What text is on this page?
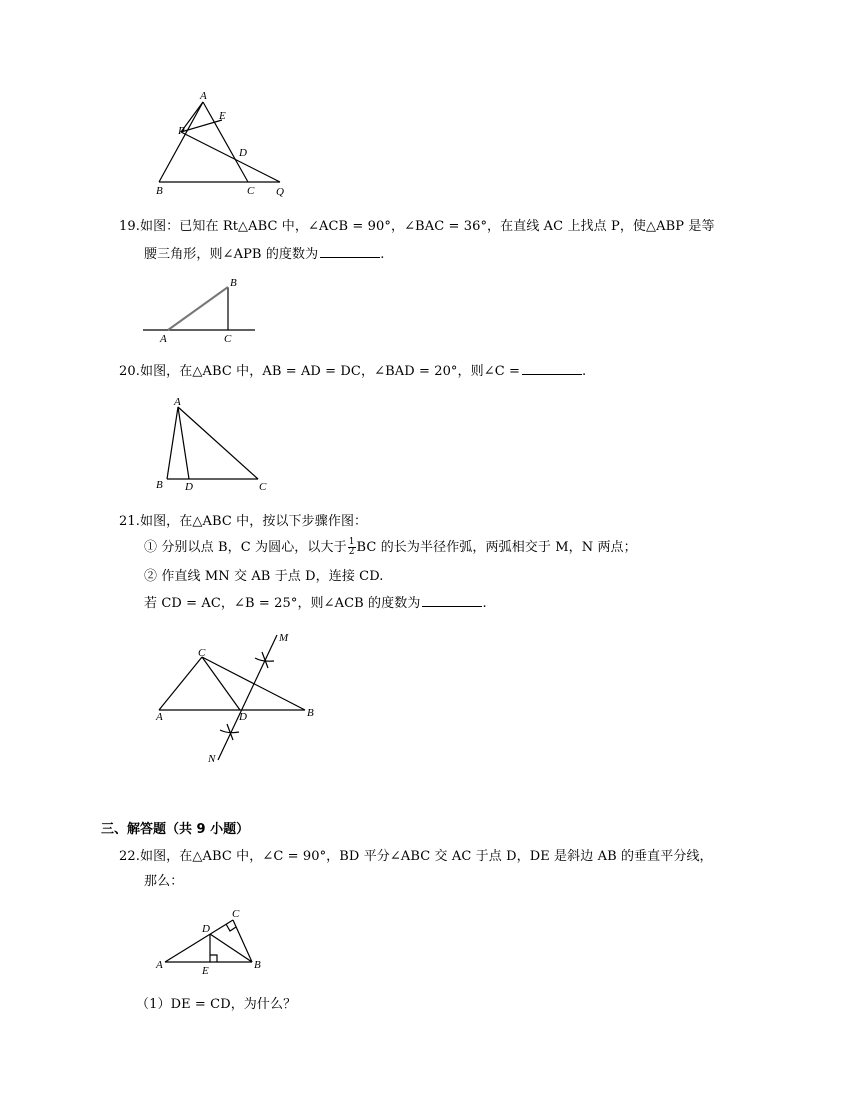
A
E
P
D
B	C Q
19.如图：已知在 Rt△ABC 中，∠ACB = 90°，∠BAC = 36°，在直线 AC 上找点 P，使△ABP 是等
腰三角形，则∠APB 的度数为	.
B
A	C
20.如图，在△ABC 中，AB = AD = DC，∠BAD = 20°，则∠C =	.
A
B D	C
21.如图，在△ABC 中，按以下步骤作图：
① 分别以点 B，C 为圆心，以大于 $\frac{1}{2}$ BC 的长为半径作弧，两弧相交于 M，N 两点；
② 作直线 MN 交 AB 于点 D，连接 CD.
若 CD = AC，∠B = 25°，则∠ACB 的度数为	.
C
M
A	D	B
N
三、解答题（共 9 小题）
22.如图，在△ABC 中，∠C = 90°，BD 平分∠ABC 交 AC 于点 D，DE 是斜边 AB 的垂直平分线，
那么：
D
C
A	E	B
（1）DE = CD，为什么？
